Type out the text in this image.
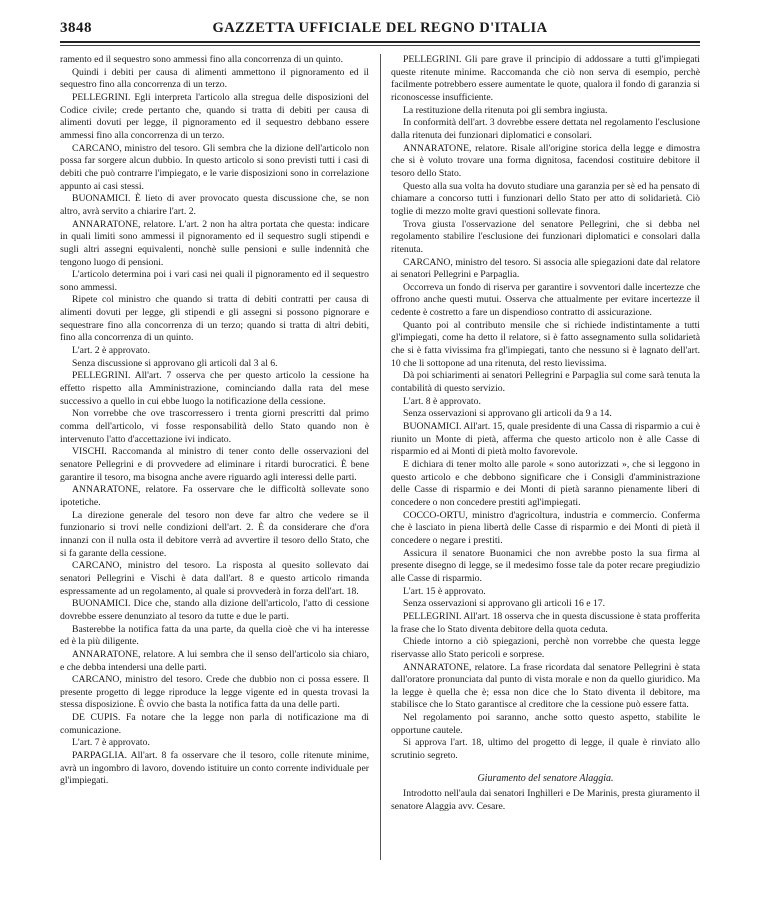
3848	GAZZETTA UFFICIALE DEL REGNO D'ITALIA

ramento ed il sequestro sono ammessi fino alla concorrenza di un quinto.

Quindi i debiti per causa di alimenti ammettono il pignoramento ed il sequestro fino alla concorrenza di un terzo.

PELLEGRINI. Egli interpreta l'articolo alla stregua delle disposizioni del Codice civile; crede pertanto che, quando si tratta di debiti per causa di alimenti dovuti per legge, il pignoramento ed il sequestro debbano essere ammessi fino alla concorrenza di un terzo.

CARCANO, ministro del tesoro. Gli sembra che la dizione dell'articolo non possa far sorgere alcun dubbio. In questo articolo si sono previsti tutti i casi di debiti che può contrarre l'impiegato, e le varie disposizioni sono in correlazione appunto ai casi stessi.

BUONAMICI. È lieto di aver provocato questa discussione che, se non altro, avrà servito a chiarire l'art. 2.

ANNARATONE, relatore. L'art. 2 non ha altra portata che questa: indicare in quali limiti sono ammessi il pignoramento ed il sequestro sugli stipendi e sugli altri assegni equivalenti, nonchè sulle pensioni e sulle indennità che tengono luogo di pensioni.

L'articolo determina poi i vari casi nei quali il pignoramento ed il sequestro sono ammessi.

Ripete col ministro che quando si tratta di debiti contratti per causa di alimenti dovuti per legge, gli stipendi e gli assegni si possono pignorare e sequestrare fino alla concorrenza di un terzo; quando si tratta di altri debiti, fino alla concorrenza di un quinto.

L'art. 2 è approvato.

Senza discussione si approvano gli articoli dal 3 al 6.

PELLEGRINI. All'art. 7 osserva che per questo articolo la cessione ha effetto rispetto alla Amministrazione, cominciando dalla rata del mese successivo a quello in cui ebbe luogo la notificazione della cessione.

Non vorrebbe che ove trascorressero i trenta giorni prescritti dal primo comma dell'articolo, vi fosse responsabilità dello Stato quando non è intervenuto l'atto d'accettazione ivi indicato.

VISCHI. Raccomanda al ministro di tener conto delle osservazioni del senatore Pellegrini e di provvedere ad eliminare i ritardi burocratici. È bene garantire il tesoro, ma bisogna anche avere riguardo agli interessi delle parti.

ANNARATONE, relatore. Fa osservare che le difficoltà sollevate sono ipotetiche.

La direzione generale del tesoro non deve far altro che vedere se il funzionario si trovi nelle condizioni dell'art. 2. È da considerare che d'ora innanzi con il nulla osta il debitore verrà ad avvertire il tesoro dello Stato, che si fa garante della cessione.

CARCANO, ministro del tesoro. La risposta al quesito sollevato dai senatori Pellegrini e Vischi è data dall'art. 8 e questo articolo rimanda espressamente ad un regolamento, al quale si provvederà in forza dell'art. 18.

BUONAMICI. Dice che, stando alla dizione dell'articolo, l'atto di cessione dovrebbe essere denunziato al tesoro da tutte e due le parti.

Basterebbe la notifica fatta da una parte, da quella cioè che vi ha interesse ed è la più diligente.

ANNARATONE, relatore. A lui sembra che il senso dell'articolo sia chiaro, e che debba intendersi una delle parti.

CARCANO, ministro del tesoro. Crede che dubbio non ci possa essere. Il presente progetto di legge riproduce la legge vigente ed in questa trovasi la stessa disposizione. È ovvio che basta la notifica fatta da una delle parti.

DE CUPIS. Fa notare che la legge non parla di notificazione ma di comunicazione.

L'art. 7 è approvato.

PARPAGLIA. All'art. 8 fa osservare che il tesoro, colle ritenute minime, avrà un ingombro di lavoro, dovendo istituire un conto corrente individuale per gl'impiegati.

PELLEGRINI. Gli pare grave il principio di addossare a tutti gl'impiegati queste ritenute minime. Raccomanda che ciò non serva di esempio, perchè facilmente potrebbero essere aumentate le quote, qualora il fondo di garanzia si riconoscesse insufficiente.

La restituzione della ritenuta poi gli sembra ingiusta.

In conformità dell'art. 3 dovrebbe essere dettata nel regolamento l'esclusione dalla ritenuta dei funzionari diplomatici e consolari.

ANNARATONE, relatore. Risale all'origine storica della legge e dimostra che si è voluto trovare una forma dignitosa, facendosi costituire debitore il tesoro dello Stato.

Questo alla sua volta ha dovuto studiare una garanzia per sè ed ha pensato di chiamare a concorso tutti i funzionari dello Stato per atto di solidarietà. Ciò toglie di mezzo molte gravi questioni sollevate finora.

Trova giusta l'osservazione del senatore Pellegrini, che si debba nel regolamento stabilire l'esclusione dei funzionari diplomatici e consolari dalla ritenuta.

CARCANO, ministro del tesoro. Si associa alle spiegazioni date dal relatore ai senatori Pellegrini e Parpaglia.

Occorreva un fondo di riserva per garantire i sovventori dalle incertezze che offrono anche questi mutui. Osserva che attualmente per evitare incertezze il cedente è costretto a fare un dispendioso contratto di assicurazione.

Quanto poi al contributo mensile che si richiede indistintamente a tutti gl'impiegati, come ha detto il relatore, si è fatto assegnamento sulla solidarietà che si è fatta vivissima fra gl'impiegati, tanto che nessuno si è lagnato dell'art. 10 che li sottopone ad una ritenuta, del resto lievissima.

Dà poi schiarimenti ai senatori Pellegrini e Parpaglia sul come sarà tenuta la contabilità di questo servizio.

L'art. 8 è approvato.

Senza osservazioni si approvano gli articoli da 9 a 14.

BUONAMICI. All'art. 15, quale presidente di una Cassa di risparmio a cui è riunito un Monte di pietà, afferma che questo articolo non è alle Casse di risparmio ed ai Monti di pietà molto favorevole.

E dichiara di tener molto alle parole « sono autorizzati », che si leggono in questo articolo e che debbono significare che i Consigli d'amministrazione delle Casse di risparmio e dei Monti di pietà saranno pienamente liberi di concedere o non concedere prestiti agl'impiegati.

COCCO-ORTU, ministro d'agricoltura, industria e commercio. Conferma che è lasciato in piena libertà delle Casse di risparmio e dei Monti di pietà il concedere o negare i prestiti.

Assicura il senatore Buonamici che non avrebbe posto la sua firma al presente disegno di legge, se il medesimo fosse tale da poter recare pregiudizio alle Casse di risparmio.

L'art. 15 è approvato.

Senza osservazioni si approvano gli articoli 16 e 17.

PELLEGRINI. All'art. 18 osserva che in questa discussione è stata profferita la frase che lo Stato diventa debitore della quota ceduta.

Chiede intorno a ciò spiegazioni, perchè non vorrebbe che questa legge riservasse allo Stato pericoli e sorprese.

ANNARATONE, relatore. La frase ricordata dal senatore Pellegrini è stata dall'oratore pronunciata dal punto di vista morale e non da quello giuridico. Ma la legge è quella che è; essa non dice che lo Stato diventa il debitore, ma stabilisce che lo Stato garantisce al creditore che la cessione può essere fatta.

Nel regolamento poi saranno, anche sotto questo aspetto, stabilite le opportune cautele.

Si approva l'art. 18, ultimo del progetto di legge, il quale è rinviato allo scrutinio segreto.

Giuramento del senatore Alaggia.

Introdotto nell'aula dai senatori Inghilleri e De Marinis, presta giuramento il senatore Alaggia avv. Cesare.
